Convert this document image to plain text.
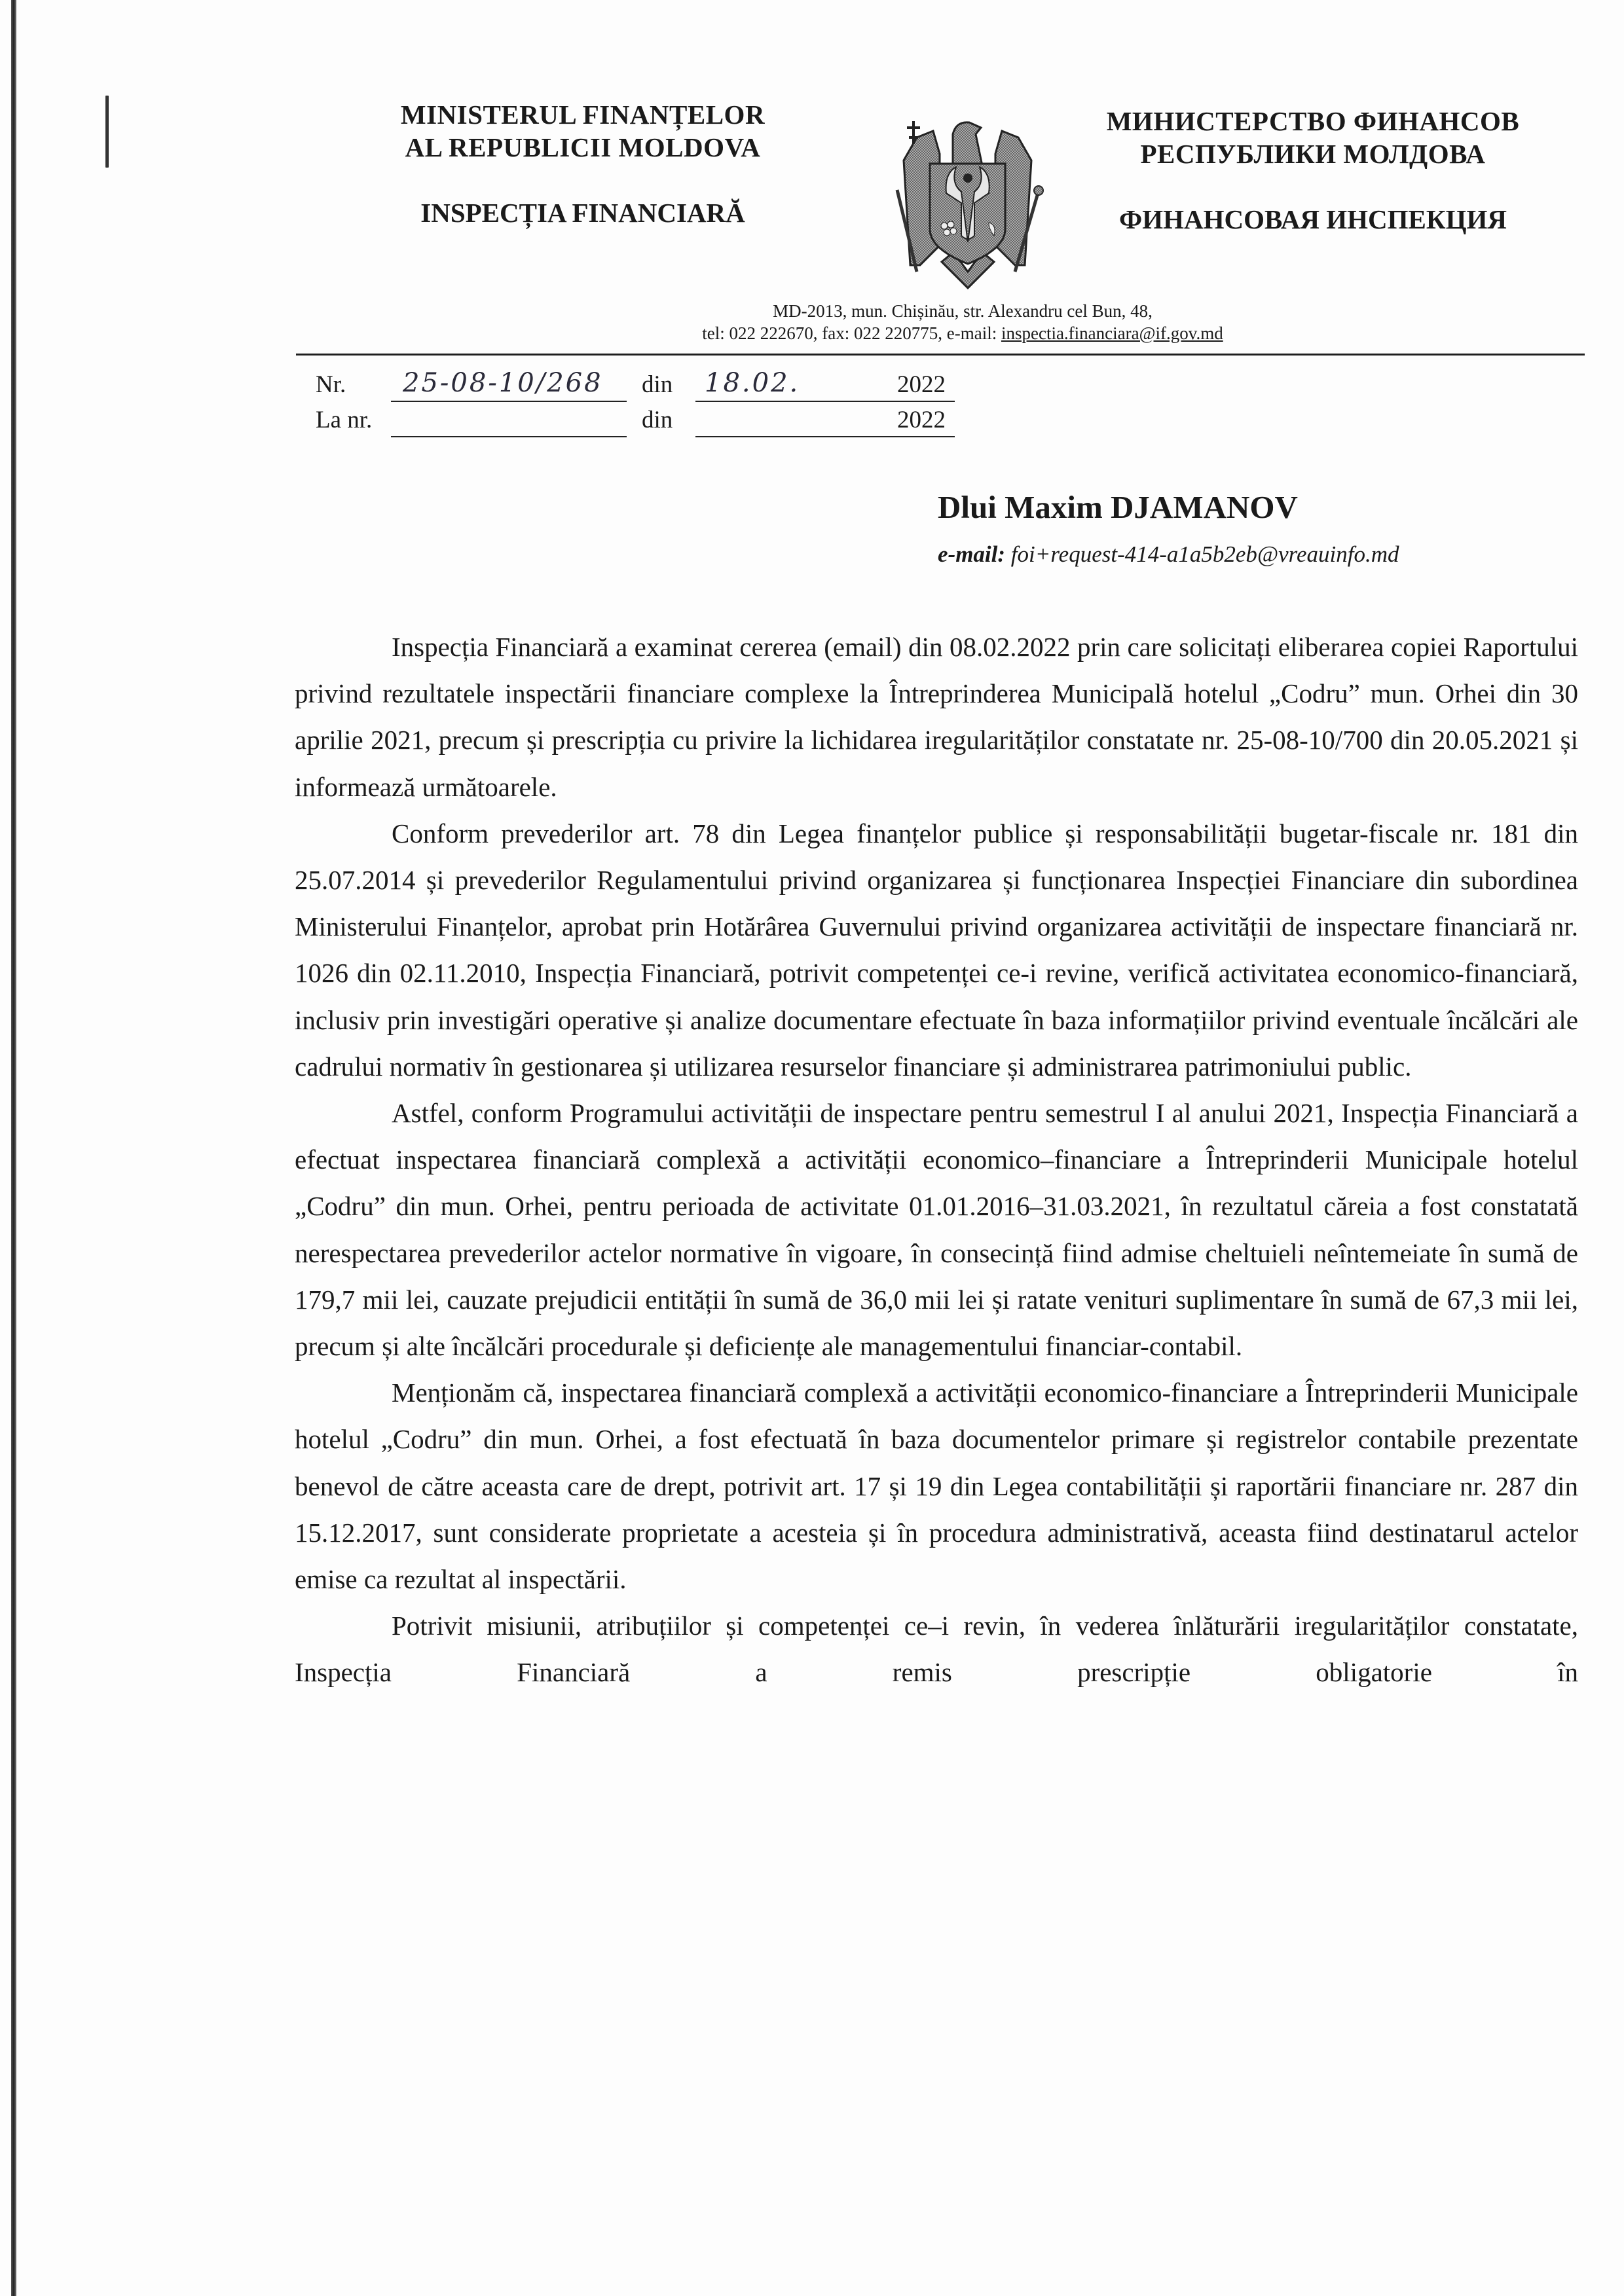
MINISTERUL FINANȚELOR
AL REPUBLICII MOLDOVA
INSPECȚIA FINANCIARĂ
МИНИСТЕРСТВО ФИНАНСОВ
РЕСПУБЛИКИ МОЛДОВА
ФИНАНСОВАЯ ИНСПЕКЦИЯ
MD-2013, mun. Chișinău, str. Alexandru cel Bun, 48,
tel: 022 222670, fax: 022 220775, e-mail: inspectia.financiara@if.gov.md
Nr. 25-08-10/268 din 18.02.	2022
La nr.	din	2022
Dlui Maxim DJAMANOV
e-mail: foi+request-414-a1a5b2eb@vreauinfo.md

Inspecția Financiară a examinat cererea (email) din 08.02.2022 prin care solicitați eliberarea copiei Raportului privind rezultatele inspectării financiare complexe la Întreprinderea Municipală hotelul „Codru” mun. Orhei din 30 aprilie 2021, precum și prescripția cu privire la lichidarea iregularităților constatate nr. 25-08-10/700 din 20.05.2021 și informează următoarele.

Conform prevederilor art. 78 din Legea finanțelor publice și responsabilității bugetar-fiscale nr. 181 din 25.07.2014 și prevederilor Regulamentului privind organizarea și funcționarea Inspecției Financiare din subordinea Ministerului Finanțelor, aprobat prin Hotărârea Guvernului privind organizarea activității de inspectare financiară nr. 1026 din 02.11.2010, Inspecția Financiară, potrivit competenței ce-i revine, verifică activitatea economico-financiară, inclusiv prin investigări operative și analize documentare efectuate în baza informațiilor privind eventuale încălcări ale cadrului normativ în gestionarea și utilizarea resurselor financiare și administrarea patrimoniului public.

Astfel, conform Programului activității de inspectare pentru semestrul I al anului 2021, Inspecția Financiară a efectuat inspectarea financiară complexă a activității economico–financiare a Întreprinderii Municipale hotelul „Codru” din mun. Orhei, pentru perioada de activitate 01.01.2016–31.03.2021, în rezultatul căreia a fost constatată nerespectarea prevederilor actelor normative în vigoare, în consecință fiind admise cheltuieli neîntemeiate în sumă de 179,7 mii lei, cauzate prejudicii entității în sumă de 36,0 mii lei și ratate venituri suplimentare în sumă de 67,3 mii lei, precum și alte încălcări procedurale și deficiențe ale managementului financiar-contabil.

Menționăm că, inspectarea financiară complexă a activității economico-financiare a Întreprinderii Municipale hotelul „Codru” din mun. Orhei, a fost efectuată în baza documentelor primare și registrelor contabile prezentate benevol de către aceasta care de drept, potrivit art. 17 și 19 din Legea contabilității și raportării financiare nr. 287 din 15.12.2017, sunt considerate proprietate a acesteia și în procedura administrativă, aceasta fiind destinatarul actelor emise ca rezultat al inspectării.

Potrivit misiunii, atribuțiilor și competenței ce–i revin, în vederea înlăturării iregularităților constatate, Inspecția Financiară a remis prescripție obligatorie în
